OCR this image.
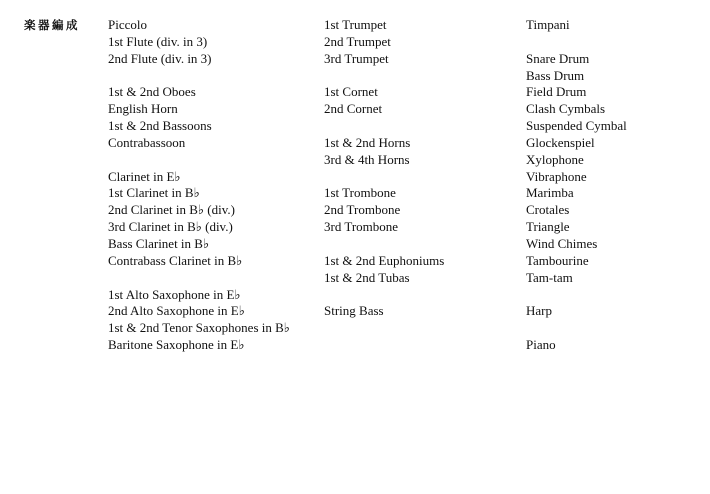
楽器編成 Piccolo
1st Flute (div. in 3)
2nd Flute (div. in 3)
1st & 2nd Oboes
English Horn
1st & 2nd Bassoons
Contrabassoon
Clarinet in E♭
1st Clarinet in B♭
2nd Clarinet in B♭ (div.)
3rd Clarinet in B♭ (div.)
Bass Clarinet in B♭
Contrabass Clarinet in B♭
1st Alto Saxophone in E♭
2nd Alto Saxophone in E♭
1st & 2nd Tenor Saxophones in B♭
Baritone Saxophone in E♭
1st Trumpet
2nd Trumpet
3rd Trumpet
1st Cornet
2nd Cornet
1st & 2nd Horns
3rd & 4th Horns
1st Trombone
2nd Trombone
3rd Trombone
1st & 2nd Euphoniums
1st & 2nd Tubas
String Bass
Timpani
Snare Drum
Bass Drum
Field Drum
Clash Cymbals
Suspended Cymbal
Glockenspiel
Xylophone
Vibraphone
Marimba
Crotales
Triangle
Wind Chimes
Tambourine
Tam-tam
Harp
Piano
